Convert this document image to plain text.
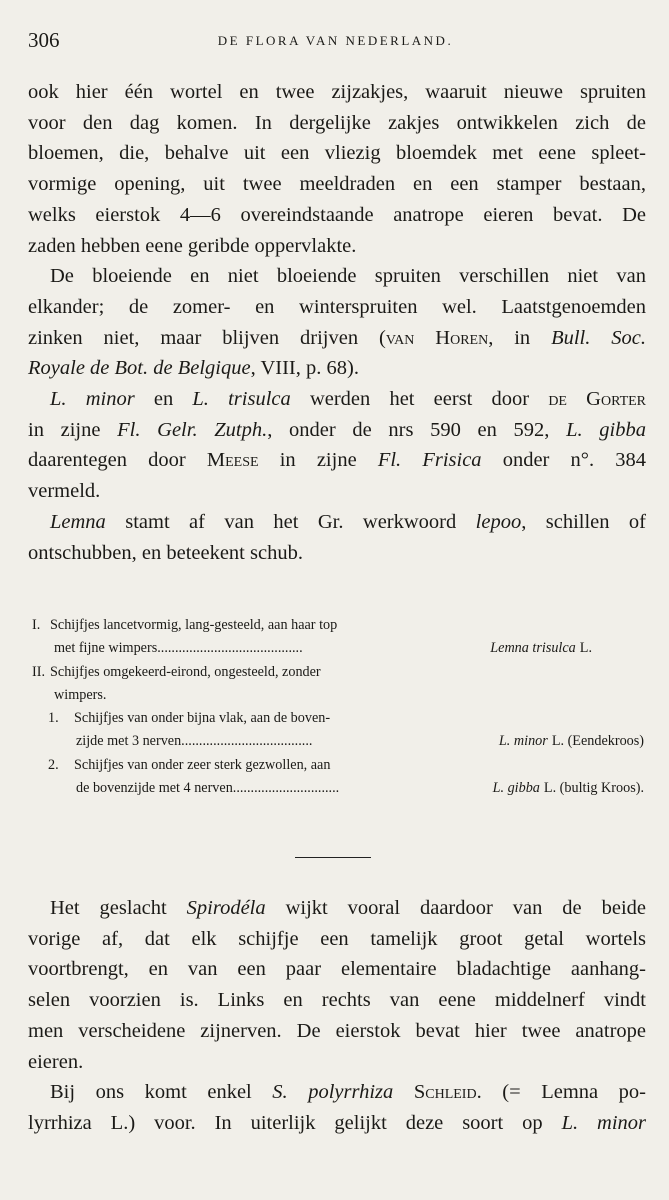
306	DE FLORA VAN NEDERLAND.

ook hier één wortel en twee zijzakjes, waaruit nieuwe spruiten
voor den dag komen. In dergelijke zakjes ontwikkelen zich de
bloemen, die, behalve uit een vliezig bloemdek met eene spleet-
vormige opening, uit twee meeldraden en een stamper bestaan,
welks eierstok 4—6 overeindstaande anatrope eieren bevat. De
zaden hebben eene geribde oppervlakte.

De bloeiende en niet bloeiende spruiten verschillen niet van
elkander; de zomer- en winterspruiten wel. Laatstgenoemden
zinken niet, maar blijven drijven (van Horen, in Bull. Soc.
Royale de Bot. de Belgique, VIII, p. 68).

L. minor en L. trisulca werden het eerst door de Gorter
in zijne Fl. Gelr. Zutph., onder de nrs 590 en 592, L. gibba
daarentegen door Meese in zijne Fl. Frisica onder n°. 384
vermeld.

Lemna stamt af van het Gr. werkwoord lepoo, schillen of
ontschubben, en beteekent schub.

I. Schijfjes lancetvormig, lang-gesteeld, aan haar top
met fijne wimpers.........................................	Lemna trisulca L.
II. Schijfjes omgekeerd-eirond, ongesteeld, zonder
wimpers.
1.	Schijfjes van onder bijna vlak, aan de boven-
zijde met 3 nerven.....................................	L. minor L. (Eendekroos)
2.	Schijfjes van onder zeer sterk gezwollen, aan
de bovenzijde met 4 nerven..............................	L. gibba L. (bultig Kroos).

Het geslacht Spirodéla wijkt vooral daardoor van de beide
vorige af, dat elk schijfje een tamelijk groot getal wortels
voortbrengt, en van een paar elementaire bladachtige aanhang-
selen voorzien is. Links en rechts van eene middelnerf vindt
men verscheidene zijnerven. De eierstok bevat hier twee anatrope
eieren.

Bij ons komt enkel S. polyrrhiza Schleid. (= Lemna po-
lyrrhiza L.) voor. In uiterlijk gelijkt deze soort op L. minor
